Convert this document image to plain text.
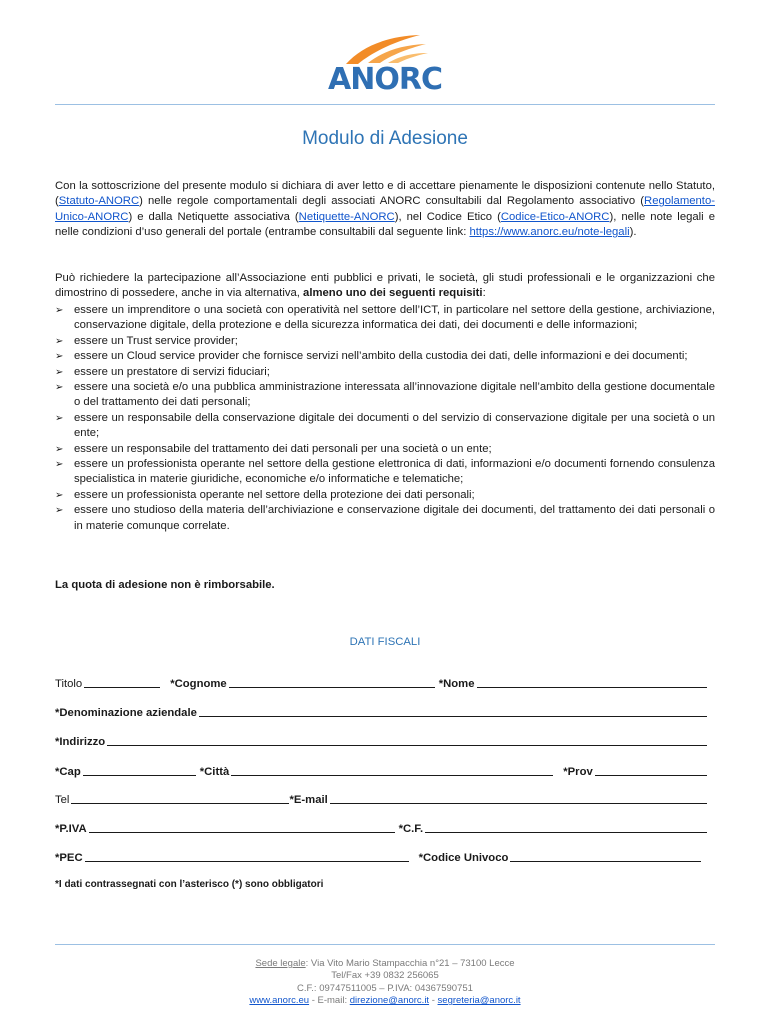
ANORC
Modulo di Adesione

Con la sottoscrizione del presente modulo si dichiara di aver letto e di accettare pienamente le disposizioni contenute nello Statuto, (Statuto-ANORC) nelle regole comportamentali degli associati ANORC consultabili dal Regolamento associativo (Regolamento-Unico-ANORC) e dalla Netiquette associativa (Netiquette-ANORC), nel Codice Etico (Codice-Etico-ANORC), nelle note legali e nelle condizioni d’uso generali del portale (entrambe consultabili dal seguente link: https://www.anorc.eu/note-legali).

Può richiedere la partecipazione all’Associazione enti pubblici e privati, le società, gli studi professionali e le organizzazioni che dimostrino di possedere, anche in via alternativa, almeno uno dei seguenti requisiti:

➢ essere un imprenditore o una società con operatività nel settore dell’ICT, in particolare nel settore della gestione, archiviazione, conservazione digitale, della protezione e della sicurezza informatica dei dati, dei documenti e delle informazioni;
➢ essere un Trust service provider;
➢ essere un Cloud service provider che fornisce servizi nell’ambito della custodia dei dati, delle informazioni e dei documenti;
➢ essere un prestatore di servizi fiduciari;
➢ essere una società e/o una pubblica amministrazione interessata all’innovazione digitale nell’ambito della gestione documentale o del trattamento dei dati personali;
➢ essere un responsabile della conservazione digitale dei documenti o del servizio di conservazione digitale per una società o un ente;
➢ essere un responsabile del trattamento dei dati personali per una società o un ente;
➢ essere un professionista operante nel settore della gestione elettronica di dati, informazioni e/o documenti fornendo consulenza specialistica in materie giuridiche, economiche e/o informatiche e telematiche;
➢ essere un professionista operante nel settore della protezione dei dati personali;
➢ essere uno studioso della materia dell’archiviazione e conservazione digitale dei documenti, del trattamento dei dati personali o in materie comunque correlate.
La quota di adesione non è rimborsabile.
DATI FISCALI
Titolo	*Cognome	*Nome
*Denominazione aziendale
*Indirizzo
*Cap	*Città	*Prov
Tel	*E-mail
*P.IVA	*C.F.
*PEC	*Codice Univoco
*I dati contrassegnati con l’asterisco (*) sono obbligatori
Sede legale: Via Vito Mario Stampacchia n°21 – 73100 Lecce
Tel/Fax +39 0832 256065
C.F.: 09747511005 – P.IVA: 04367590751
www.anorc.eu - E-mail: direzione@anorc.it - segreteria@anorc.it
